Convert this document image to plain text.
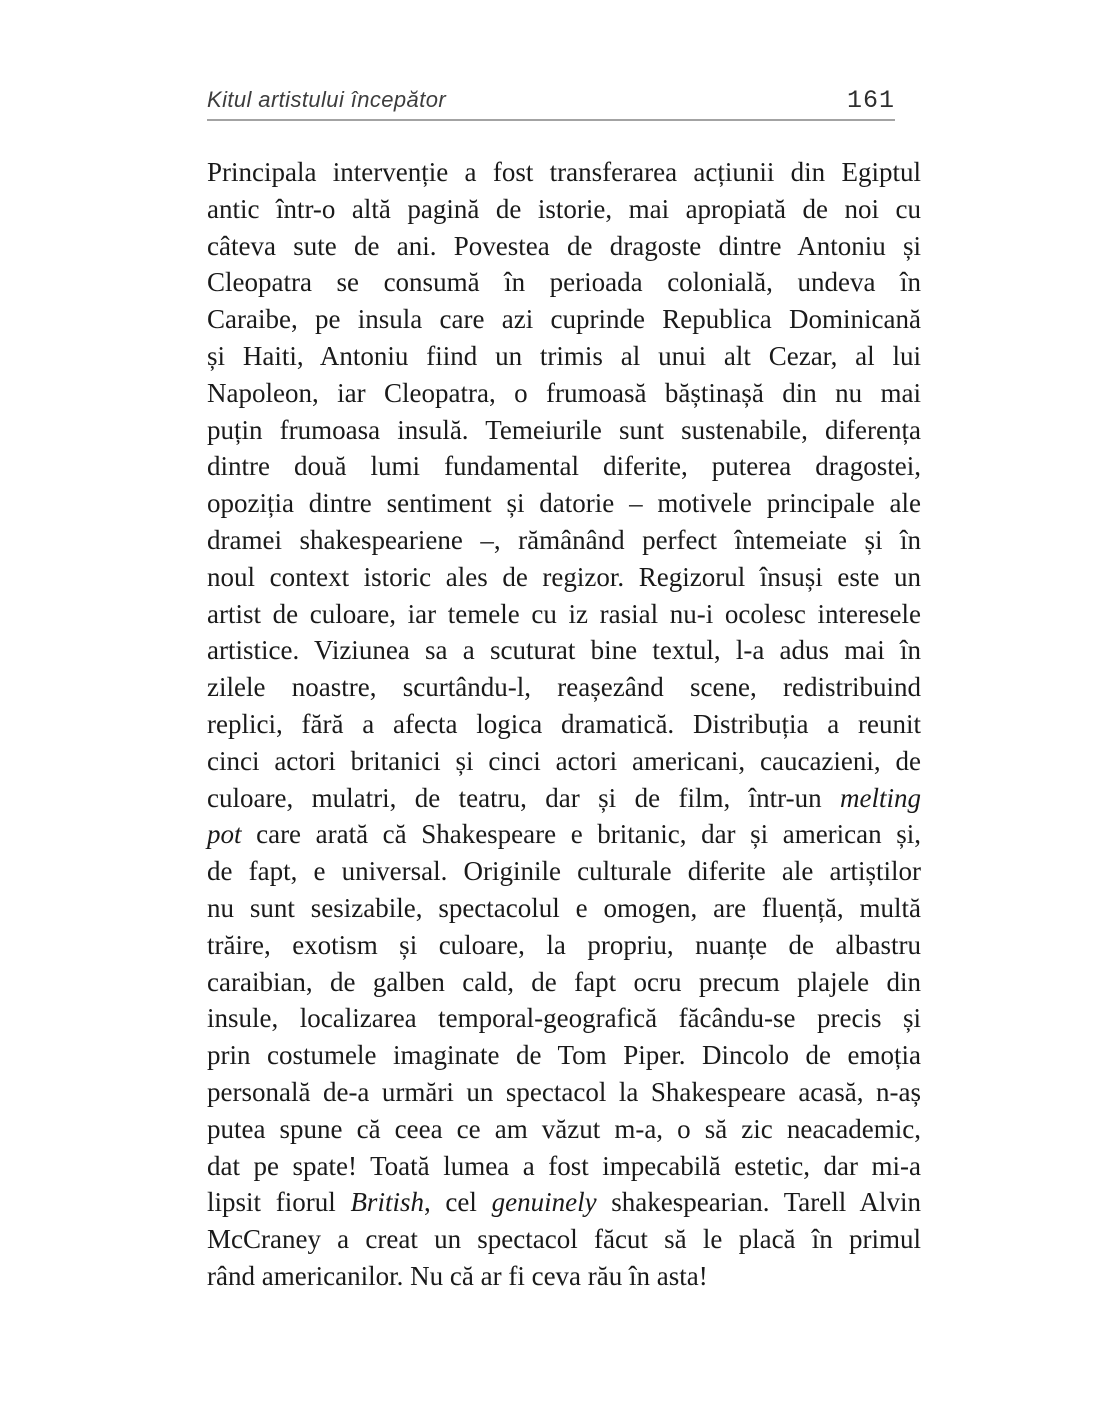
Kitul artistului începător	161
Principala intervenție a fost transferarea acțiunii din Egiptul
antic într-o altă pagină de istorie, mai apropiată de noi cu
câteva sute de ani. Povestea de dragoste dintre Antoniu și
Cleopatra se consumă în perioada colonială, undeva în
Caraibe, pe insula care azi cuprinde Republica Dominicană
și Haiti, Antoniu fiind un trimis al unui alt Cezar, al lui
Napoleon, iar Cleopatra, o frumoasă băștinașă din nu mai
puțin frumoasa insulă. Temeiurile sunt sustenabile, diferența
dintre două lumi fundamental diferite, puterea dragostei,
opoziția dintre sentiment și datorie – motivele principale ale
dramei shakespeariene –, rămânând perfect întemeiate și în
noul context istoric ales de regizor. Regizorul însuși este un
artist de culoare, iar temele cu iz rasial nu-i ocolesc interesele
artistice. Viziunea sa a scuturat bine textul, l-a adus mai în
zilele noastre, scurtându-l, reașezând scene, redistribuind
replici, fără a afecta logica dramatică. Distribuția a reunit
cinci actori britanici și cinci actori americani, caucazieni, de
culoare, mulatri, de teatru, dar și de film, într-un melting
pot care arată că Shakespeare e britanic, dar și american și,
de fapt, e universal. Originile culturale diferite ale artiștilor
nu sunt sesizabile, spectacolul e omogen, are fluență, multă
trăire, exotism și culoare, la propriu, nuanțe de albastru
caraibian, de galben cald, de fapt ocru precum plajele din
insule, localizarea temporal-geografică făcându-se precis și
prin costumele imaginate de Tom Piper. Dincolo de emoția
personală de-a urmări un spectacol la Shakespeare acasă, n-aș
putea spune că ceea ce am văzut m-a, o să zic neacademic,
dat pe spate! Toată lumea a fost impecabilă estetic, dar mi-a
lipsit fiorul British, cel genuinely shakespearian. Tarell Alvin
McCraney a creat un spectacol făcut să le placă în primul
rând americanilor. Nu că ar fi ceva rău în asta!
